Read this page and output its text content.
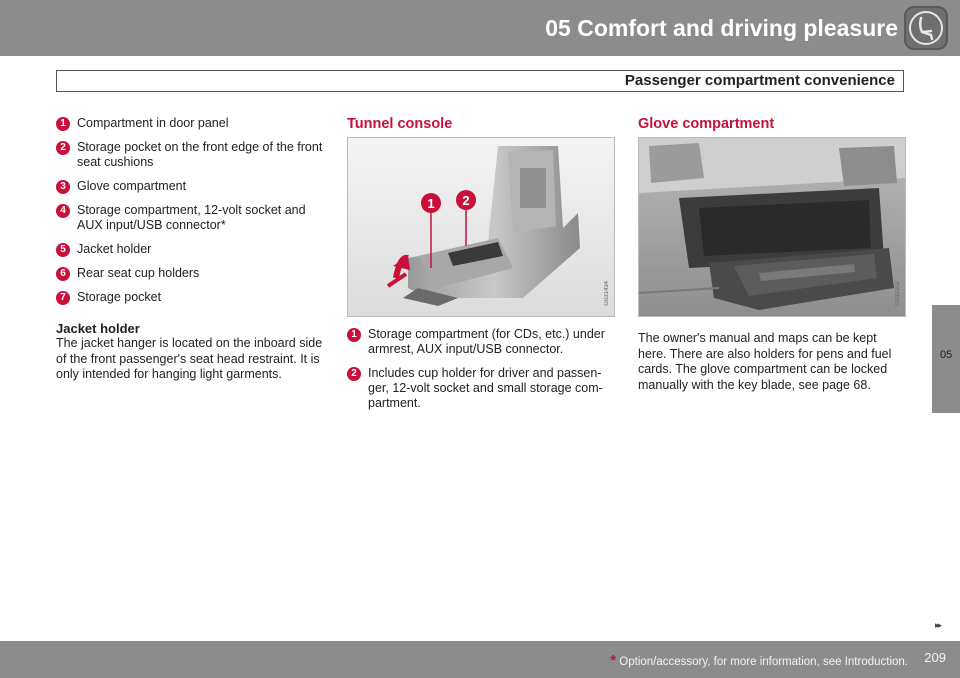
05 Comfort and driving pleasure
Passenger compartment convenience
05
1 Compartment in door panel
2 Storage pocket on the front edge of the front seat cushions
3 Glove compartment
4 Storage compartment, 12-volt socket and AUX input/USB connector*
5 Jacket holder
6 Rear seat cup holders
7 Storage pocket

Jacket holder

The jacket hanger is located on the inboard side of the front passenger's seat head restraint. It is only intended for hanging light garments.

Tunnel console

1 2
G031434
1 Storage compartment (for CDs, etc.) under armrest, AUX input/USB connector.
2 Includes cup holder for driver and passen-ger, 12-volt socket and small storage com-partment.

Glove compartment

G032202

The owner's manual and maps can be kept here. There are also holders for pens and fuel cards. The glove compartment can be locked manually with the key blade, see page 68.

▸▸
* Option/accessory, for more information, see Introduction. 209
